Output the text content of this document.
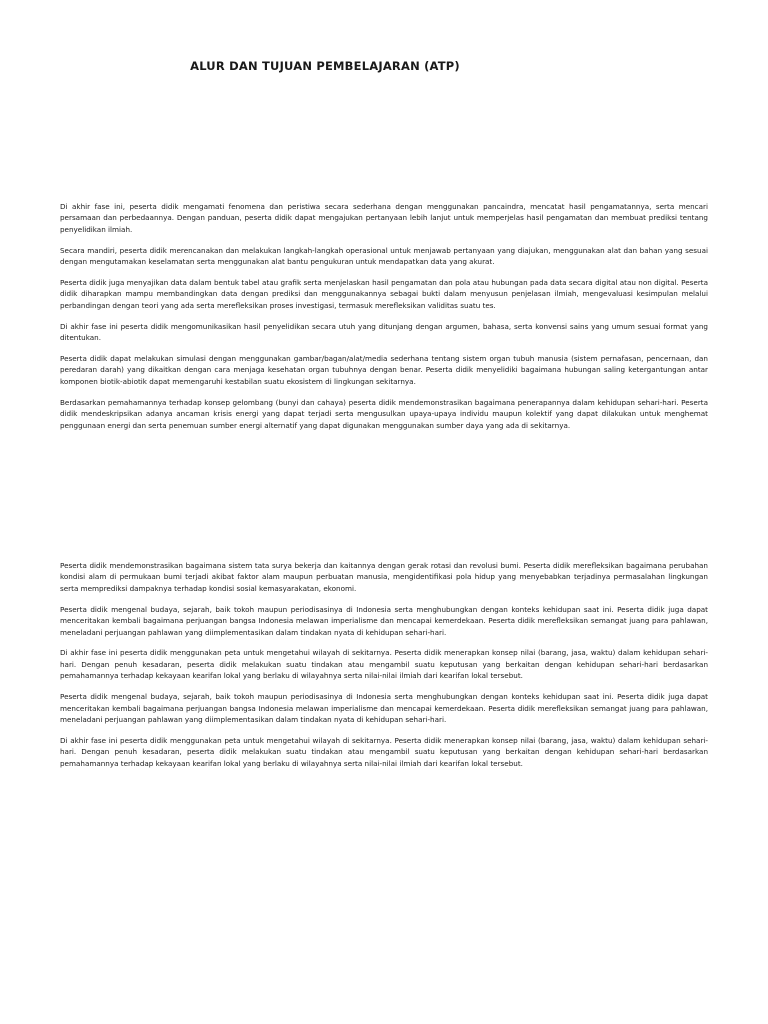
ALUR DAN TUJUAN PEMBELAJARAN (ATP)

Di akhir fase ini, peserta didik mengamati fenomena dan peristiwa secara sederhana dengan menggunakan pancaindra, mencatat hasil pengamatannya, serta mencari persamaan dan perbedaannya. Dengan panduan, peserta didik dapat mengajukan pertanyaan lebih lanjut untuk memperjelas hasil pengamatan dan membuat prediksi tentang penyelidikan ilmiah.

Secara mandiri, peserta didik merencanakan dan melakukan langkah-langkah operasional untuk menjawab pertanyaan yang diajukan, menggunakan alat dan bahan yang sesuai dengan mengutamakan keselamatan serta menggunakan alat bantu pengukuran untuk mendapatkan data yang akurat.

Peserta didik juga menyajikan data dalam bentuk tabel atau grafik serta menjelaskan hasil pengamatan dan pola atau hubungan pada data secara digital atau non digital. Peserta didik diharapkan mampu membandingkan data dengan prediksi dan menggunakannya sebagai bukti dalam menyusun penjelasan ilmiah, mengevaluasi kesimpulan melalui perbandingan dengan teori yang ada serta merefleksikan proses investigasi, termasuk merefleksikan validitas suatu tes.

Di akhir fase ini peserta didik mengomunikasikan hasil penyelidikan secara utuh yang ditunjang dengan argumen, bahasa, serta konvensi sains yang umum sesuai format yang ditentukan.

Peserta didik dapat melakukan simulasi dengan menggunakan gambar/bagan/alat/media sederhana tentang sistem organ tubuh manusia (sistem pernafasan, pencernaan, dan peredaran darah) yang dikaitkan dengan cara menjaga kesehatan organ tubuhnya dengan benar. Peserta didik menyelidiki bagaimana hubungan saling ketergantungan antar komponen biotik-abiotik dapat memengaruhi kestabilan suatu ekosistem di lingkungan sekitarnya.

Berdasarkan pemahamannya terhadap konsep gelombang (bunyi dan cahaya) peserta didik mendemonstrasikan bagaimana penerapannya dalam kehidupan sehari-hari. Peserta didik mendeskripsikan adanya ancaman krisis energi yang dapat terjadi serta mengusulkan upaya-upaya individu maupun kolektif yang dapat dilakukan untuk menghemat penggunaan energi dan serta penemuan sumber energi alternatif yang dapat digunakan menggunakan sumber daya yang ada di sekitarnya.

Peserta didik mendemonstrasikan bagaimana sistem tata surya bekerja dan kaitannya dengan gerak rotasi dan revolusi bumi. Peserta didik merefleksikan bagaimana perubahan kondisi alam di permukaan bumi terjadi akibat faktor alam maupun perbuatan manusia, mengidentifikasi pola hidup yang menyebabkan terjadinya permasalahan lingkungan serta memprediksi dampaknya terhadap kondisi sosial kemasyarakatan, ekonomi.

Peserta didik mengenal budaya, sejarah, baik tokoh maupun periodisasinya di Indonesia serta menghubungkan dengan konteks kehidupan saat ini. Peserta didik juga dapat menceritakan kembali bagaimana perjuangan bangsa Indonesia melawan imperialisme dan mencapai kemerdekaan. Peserta didik merefleksikan semangat juang para pahlawan, meneladani perjuangan pahlawan yang diimplementasikan dalam tindakan nyata di kehidupan sehari-hari.

Di akhir fase ini peserta didik menggunakan peta untuk mengetahui wilayah di sekitarnya. Peserta didik menerapkan konsep nilai (barang, jasa, waktu) dalam kehidupan sehari-hari. Dengan penuh kesadaran, peserta didik melakukan suatu tindakan atau mengambil suatu keputusan yang berkaitan dengan kehidupan sehari-hari berdasarkan pemahamannya terhadap kekayaan kearifan lokal yang berlaku di wilayahnya serta nilai-nilai ilmiah dari kearifan lokal tersebut.

Peserta didik mengenal budaya, sejarah, baik tokoh maupun periodisasinya di Indonesia serta menghubungkan dengan konteks kehidupan saat ini. Peserta didik juga dapat menceritakan kembali bagaimana perjuangan bangsa Indonesia melawan imperialisme dan mencapai kemerdekaan. Peserta didik merefleksikan semangat juang para pahlawan, meneladani perjuangan pahlawan yang diimplementasikan dalam tindakan nyata di kehidupan sehari-hari.

Di akhir fase ini peserta didik menggunakan peta untuk mengetahui wilayah di sekitarnya. Peserta didik menerapkan konsep nilai (barang, jasa, waktu) dalam kehidupan sehari-hari. Dengan penuh kesadaran, peserta didik melakukan suatu tindakan atau mengambil suatu keputusan yang berkaitan dengan kehidupan sehari-hari berdasarkan pemahamannya terhadap kekayaan kearifan lokal yang berlaku di wilayahnya serta nilai-nilai ilmiah dari kearifan lokal tersebut.
